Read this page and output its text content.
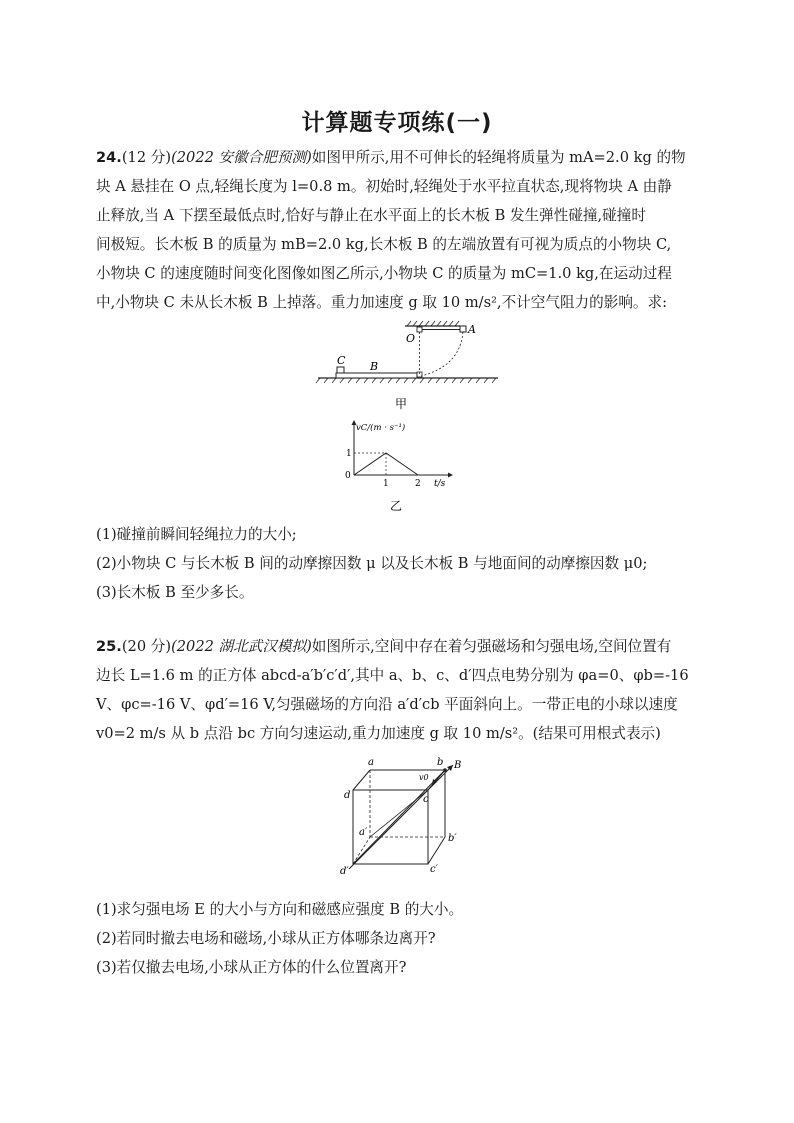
计算题专项练(一)

24.(12 分)(2022 安徽合肥预测)如图甲所示,用不可伸长的轻绳将质量为 mA=2.0 kg 的物

块 A 悬挂在 O 点,轻绳长度为 l=0.8 m。初始时,轻绳处于水平拉直状态,现将物块 A 由静

止释放,当 A 下摆至最低点时,恰好与静止在水平面上的长木板 B 发生弹性碰撞,碰撞时

间极短。长木板 B 的质量为 mB=2.0 kg,长木板 B 的左端放置有可视为质点的小物块 C,

小物块 C 的速度随时间变化图像如图乙所示,小物块 C 的质量为 mC=1.0 kg,在运动过程

中,小物块 C 未从长木板 B 上掉落。重力加速度 g 取 10 m/s²,不计空气阻力的影响。求:

C B
O
A
甲
vC/(m · s⁻¹)
1
0
1	2 t/s
乙

(1)碰撞前瞬间轻绳拉力的大小;

(2)小物块 C 与长木板 B 间的动摩擦因数 μ 以及长木板 B 与地面间的动摩擦因数 μ0;

(3)长木板 B 至少多长。

25.(20 分)(2022 湖北武汉模拟)如图所示,空间中存在着匀强磁场和匀强电场,空间位置有

边长 L=1.6 m 的正方体 abcd-a′b′c′d′,其中 a、b、c、d′四点电势分别为 φa=0、φb=-16

V、φc=-16 V、φd′=16 V,匀强磁场的方向沿 a′d′cb 平面斜向上。一带正电的小球以速度

v0=2 m/s 从 b 点沿 bc 方向匀速运动,重力加速度 g 取 10 m/s²。(结果可用根式表示)

a	b B
v0
c
d
a′
b′
c′
d′

(1)求匀强电场 E 的大小与方向和磁感应强度 B 的大小。

(2)若同时撤去电场和磁场,小球从正方体哪条边离开?

(3)若仅撤去电场,小球从正方体的什么位置离开?
